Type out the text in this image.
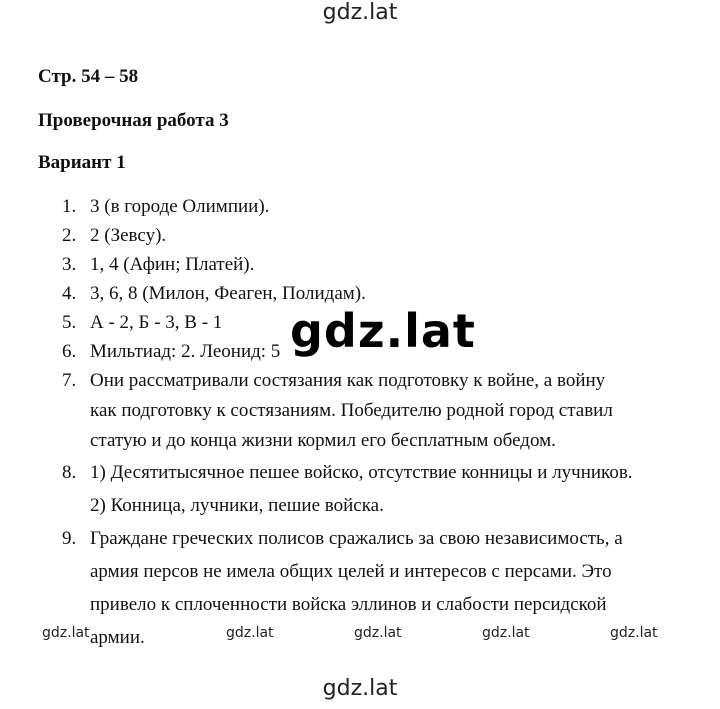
gdz.lat
Стр. 54 – 58
Проверочная работа 3
Вариант 1
1. 3 (в городе Олимпии).

2. 2 (Зевсу).

3. 1, 4 (Афин; Платей).

4. 3, 6, 8 (Милон, Феаген, Полидам).

5. А - 2, Б - 3, В - 1

6. Мильтиад: 2. Леонид: 5

7. Они рассматривали состязания как подготовку к войне, а войну

как подготовку к состязаниям. Победителю родной город ставил

статую и до конца жизни кормил его бесплатным обедом.

8. 1) Десятитысячное пешее войско, отсутствие конницы и лучников.

2) Конница, лучники, пешие войска.

9. Граждане греческих полисов сражались за свою независимость, а

армия персов не имела общих целей и интересов с персами. Это

привело к сплоченности войска эллинов и слабости персидской

армии.

gdz.lat
gdz.lat	gdz.lat	gdz.lat	gdz.lat	gdz.lat
gdz.lat
